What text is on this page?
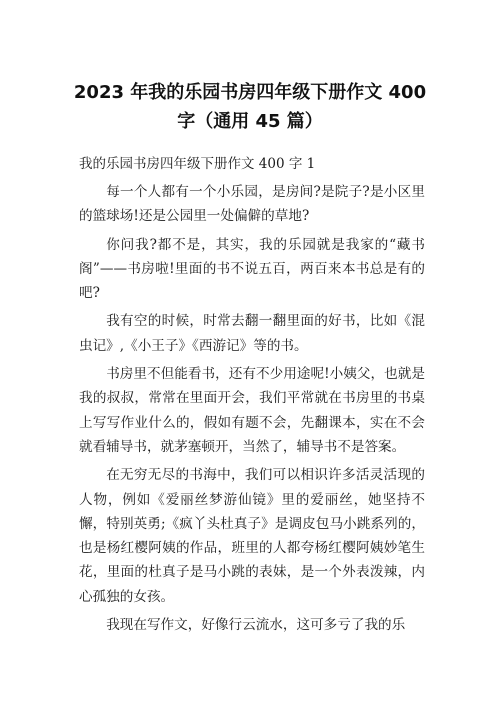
2023 年我的乐园书房四年级下册作文 400
字（通用 45 篇）
我的乐园书房四年级下册作文 400 字 1

每一个人都有一个小乐园，是房间?是院子?是小区里的篮球场!还是公园里一处偏僻的草地?

你问我?都不是，其实，我的乐园就是我家的“藏书阁”——书房啦!里面的书不说五百，两百来本书总是有的吧?

我有空的时候，时常去翻一翻里面的好书，比如《混虫记》,《小王子》《西游记》等的书。

书房里不但能看书，还有不少用途呢!小姨父，也就是我的叔叔，常常在里面开会，我们平常就在书房里的书桌上写写作业什么的，假如有题不会，先翻课本，实在不会就看辅导书，就茅塞顿开，当然了，辅导书不是答案。

在无穷无尽的书海中，我们可以相识许多活灵活现的人物，例如《爱丽丝梦游仙镜》里的爱丽丝，她坚持不懈，特别英勇;《疯丫头杜真子》是调皮包马小跳系列的，也是杨红樱阿姨的作品，班里的人都夸杨红樱阿姨妙笔生花，里面的杜真子是马小跳的表妹，是一个外表泼辣，内心孤独的女孩。

我现在写作文，好像行云流水，这可多亏了我的乐
